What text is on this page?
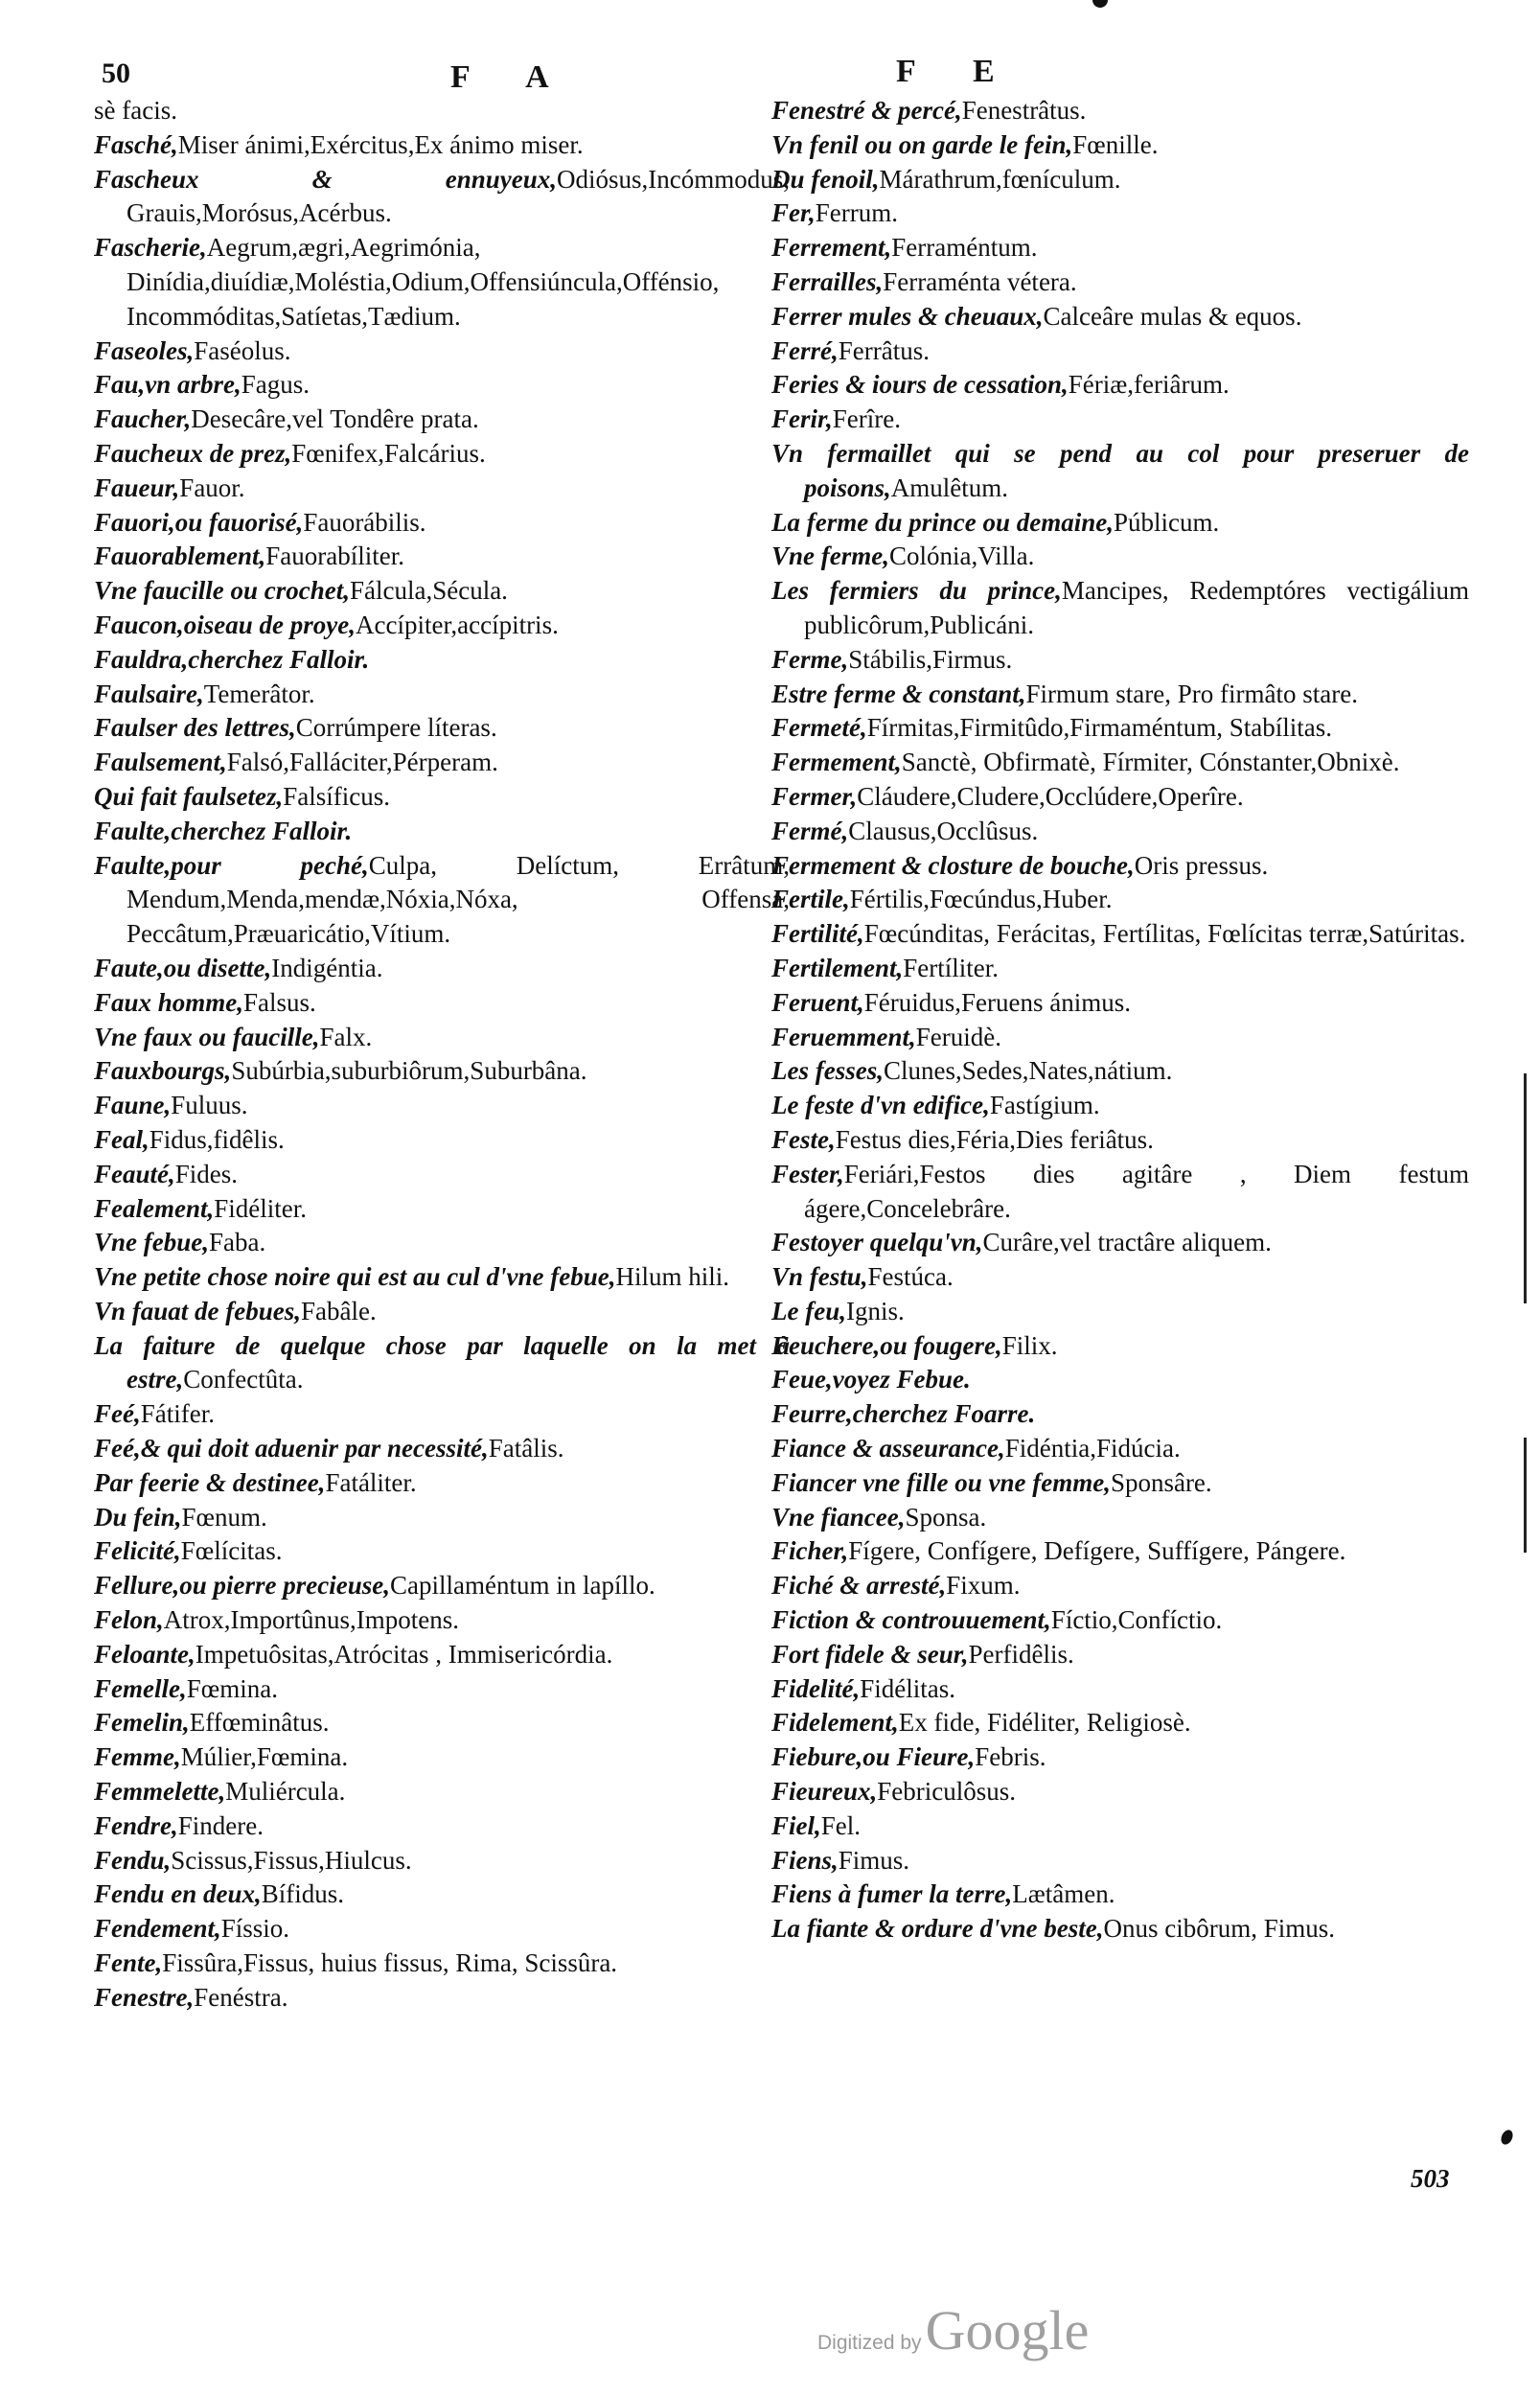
50	F A	F E
sè facis.
Fasché,Miser ánimi,Exércitus,Ex ánimo miser.
Fascheux & ennuyeux,Odiósus,Incómmodus, Grauis,Morósus,Acérbus.
Fascherie,Aegrum,ægri,Aegrimónia, Dinídia,diuídiæ,Moléstia,Odium,Offensiúncula,Offénsio, Incommóditas,Satíetas,Tædium.
Faseoles,Faséolus.
Fau,vn arbre,Fagus.
Faucher,Desecâre,vel Tondêre prata.
Faucheux de prez,Fœnifex,Falcárius.
Faueur,Fauor.
Fauori,ou fauorisé,Fauorábilis.
Fauorablement,Fauorabíliter.
Vne faucille ou crochet,Fálcula,Sécula.
Faucon,oiseau de proye,Accípiter,accípitris.
Fauldra,cherchez Falloir.
Faulsaire,Temerâtor.
Faulser des lettres,Corrúmpere líteras.
Faulsement,Falsó,Falláciter,Pérperam.
Qui fait faulsetez,Falsíficus.
Faulte,cherchez Falloir.
Faulte,pour peché,Culpa, Delíctum, Errâtum, Mendum,Menda,mendæ,Nóxia,Nóxa, Offensa, Peccâtum,Præuaricátio,Vítium.
Faute,ou disette,Indigéntia.
Faux homme,Falsus.
Vne faux ou faucille,Falx.
Fauxbourgs,Subúrbia,suburbiôrum,Suburbâna.
Faune,Fuluus.
Feal,Fidus,fidêlis.
Feauté,Fides.
Fealement,Fidéliter.
Vne febue,Faba.
Vne petite chose noire qui est au cul d'vne febue,Hilum hili.
Vn fauat de febues,Fabâle.
La faiture de quelque chose par laquelle on la met à estre,Confectûta.
Feé,Fátifer.
Feé,& qui doit aduenir par necessité,Fatâlis.
Par feerie & destinee,Fatáliter.
Du fein,Fœnum.
Felicité,Fœlícitas.
Fellure,ou pierre precieuse,Capillaméntum in lapíllo.
Felon,Atrox,Importûnus,Impotens.
Feloante,Impetuôsitas,Atrócitas , Immisericórdia.
Femelle,Fœmina.
Femelin,Effœminâtus.
Femme,Múlier,Fœmina.
Femmelette,Muliércula.
Fendre,Findere.
Fendu,Scissus,Fissus,Hiulcus.
Fendu en deux,Bífidus.
Fendement,Físsio.
Fente,Fissûra,Fissus, huius fissus, Rima, Scissûra.
Fenestre,Fenéstra.
Fenestré & percé,Fenestrâtus.
Vn fenil ou on garde le fein,Fœnille.
Du fenoil,Márathrum,fœnículum.
Fer,Ferrum.
Ferrement,Ferraméntum.
Ferrailles,Ferraménta vétera.
Ferrer mules & cheuaux,Calceâre mulas & equos.
Ferré,Ferrâtus.
Feries & iours de cessation,Fériæ,feriârum.
Ferir,Ferîre.
Vn fermaillet qui se pend au col pour preseruer de poisons,Amulêtum.
La ferme du prince ou demaine,Públicum.
Vne ferme,Colónia,Villa.
Les fermiers du prince,Mancipes, Redemptóres vectigálium publicôrum,Publicáni.
Ferme,Stábilis,Firmus.
Estre ferme & constant,Firmum stare, Pro firmâto stare.
Fermeté,Fírmitas,Firmitûdo,Firmaméntum, Stabílitas.
Fermement,Sanctè, Obfirmatè, Fírmiter, Cónstanter,Obnixè.
Fermer,Cláudere,Cludere,Occlúdere,Operîre.
Fermé,Clausus,Occlûsus.
Fermement & closture de bouche,Oris pressus.
Fertile,Fértilis,Fœcúndus,Huber.
Fertilité,Fœcúnditas, Ferácitas, Fertílitas, Fœlícitas terræ,Satúritas.
Fertilement,Fertíliter.
Feruent,Féruidus,Feruens ánimus.
Feruemment,Feruidè.
Les fesses,Clunes,Sedes,Nates,nátium.
Le feste d'vn edifice,Fastígium.
Feste,Festus dies,Féria,Dies feriâtus.
Fester,Feriári,Festos dies agitâre , Diem festum ágere,Concelebrâre.
Festoyer quelqu'vn,Curâre,vel tractâre aliquem.
Vn festu,Festúca.
Le feu,Ignis.
Feuchere,ou fougere,Filix.
Feue,voyez Febue.
Feurre,cherchez Foarre.
Fiance & asseurance,Fidéntia,Fidúcia.
Fiancer vne fille ou vne femme,Sponsâre.
Vne fiancee,Sponsa.
Ficher,Fígere, Confígere, Defígere, Suffígere, Pángere.
Fiché & arresté,Fixum.
Fiction & controuuement,Fíctio,Confíctio.
Fort fidele & seur,Perfidêlis.
Fidelité,Fidélitas.
Fidelement,Ex fide, Fidéliter, Religiosè.
Fiebure,ou Fieure,Febris.
Fieureux,Febriculôsus.
Fiel,Fel.
Fiens,Fimus.
Fiens à fumer la terre,Lætâmen.
La fiante & ordure d'vne beste,Onus cibôrum, Fimus.
503
Digitized by Google
